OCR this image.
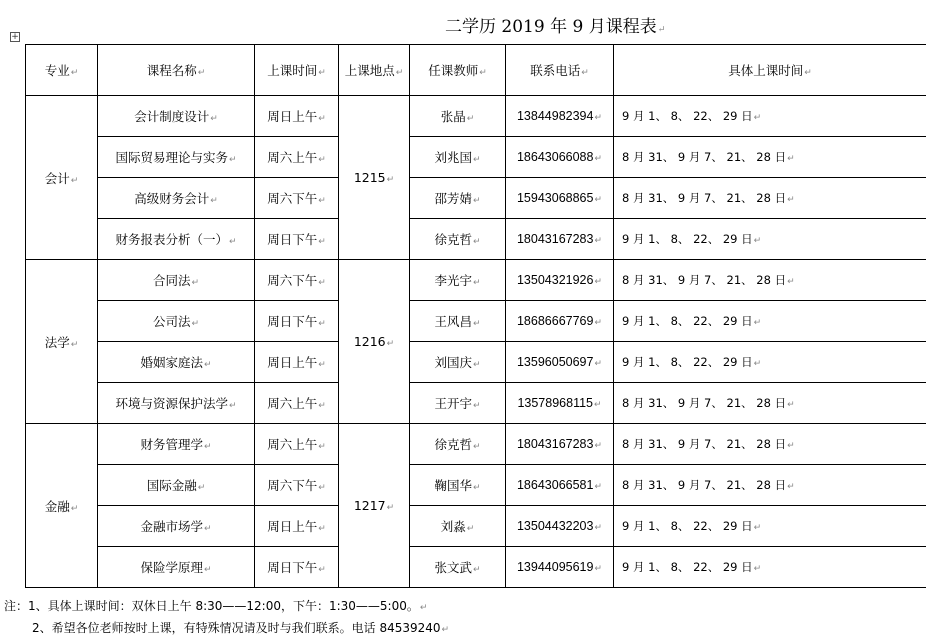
二学历 2019 年 9 月课程表↵
+
专业↵	课程名称↵	上课时间↵	上课地点↵	任课教师↵	联系电话↵	具体上课时间↵
会计↵	会计制度设计↵	周日上午↵	1215↵	张晶↵	13844982394↵	9 月 1、 8、 22、 29 日↵
	国际贸易理论与实务↵	周六上午↵		刘兆国↵	18643066088↵	8 月 31、 9 月 7、 21、 28 日↵
	高级财务会计↵	周六下午↵		邵芳婧↵	15943068865↵	8 月 31、 9 月 7、 21、 28 日↵
	财务报表分析（一）↵	周日下午↵		徐克哲↵	18043167283↵	9 月 1、 8、 22、 29 日↵
法学↵	合同法↵	周六下午↵	1216↵	李光宇↵	13504321926↵	8 月 31、 9 月 7、 21、 28 日↵
	公司法↵	周日下午↵		王风昌↵	18686667769↵	9 月 1、 8、 22、 29 日↵
	婚姻家庭法↵	周日上午↵		刘国庆↵	13596050697↵	9 月 1、 8、 22、 29 日↵
	环境与资源保护法学↵	周六上午↵		王开宇↵	13578968115↵	8 月 31、 9 月 7、 21、 28 日↵
金融↵	财务管理学↵	周六上午↵	1217↵	徐克哲↵	18043167283↵	8 月 31、 9 月 7、 21、 28 日↵
	国际金融↵	周六下午↵		鞠国华↵	18643066581↵	8 月 31、 9 月 7、 21、 28 日↵
	金融市场学↵	周日上午↵		刘淼↵	13504432203↵	9 月 1、 8、 22、 29 日↵
	保险学原理↵	周日下午↵		张文武↵	13944095619↵	9 月 1、 8、 22、 29 日↵
注：1、具体上课时间：双休日上午 8:30——12:00，下午：1:30——5:00。↵
2、希望各位老师按时上课，有特殊情况请及时与我们联系。电话 84539240↵
